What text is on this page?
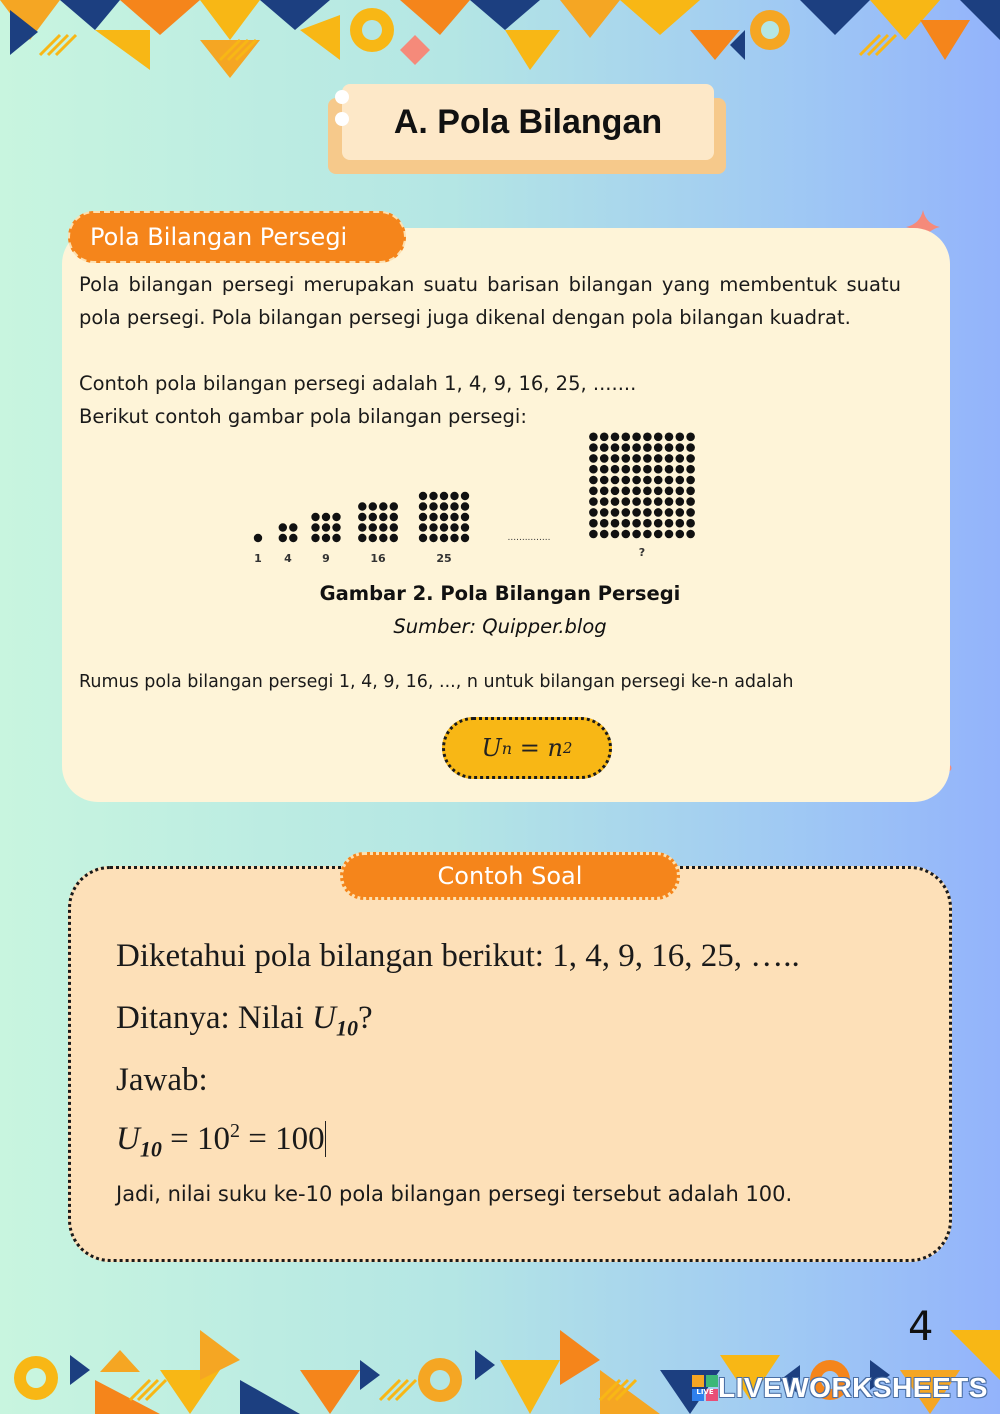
A. Pola Bilangan
Pola Bilangan Persegi
Pola bilangan persegi merupakan suatu barisan bilangan yang membentuk suatu pola persegi. Pola bilangan persegi juga dikenal dengan pola bilangan kuadrat.
Contoh pola bilangan persegi adalah 1, 4, 9, 16, 25, .......
Berikut contoh gambar pola bilangan persegi:
1 4	9	16	25	?
...............
Gambar 2. Pola Bilangan Persegi
Sumber: Quipper.blog
Rumus pola bilangan persegi 1, 4, 9, 16, ..., n untuk bilangan persegi ke-n adalah
U n = n 2
Contoh Soal
Diketahui pola bilangan berikut: 1, 4, 9, 16, 25, …..
Ditanya: Nilai $U_{10}$?
Jawab:
$U_{10} = 10^2 = 100$
Jadi, nilai suku ke-10 pola bilangan persegi tersebut adalah 100.
4
LIVE LIVEWORKSHEETS
